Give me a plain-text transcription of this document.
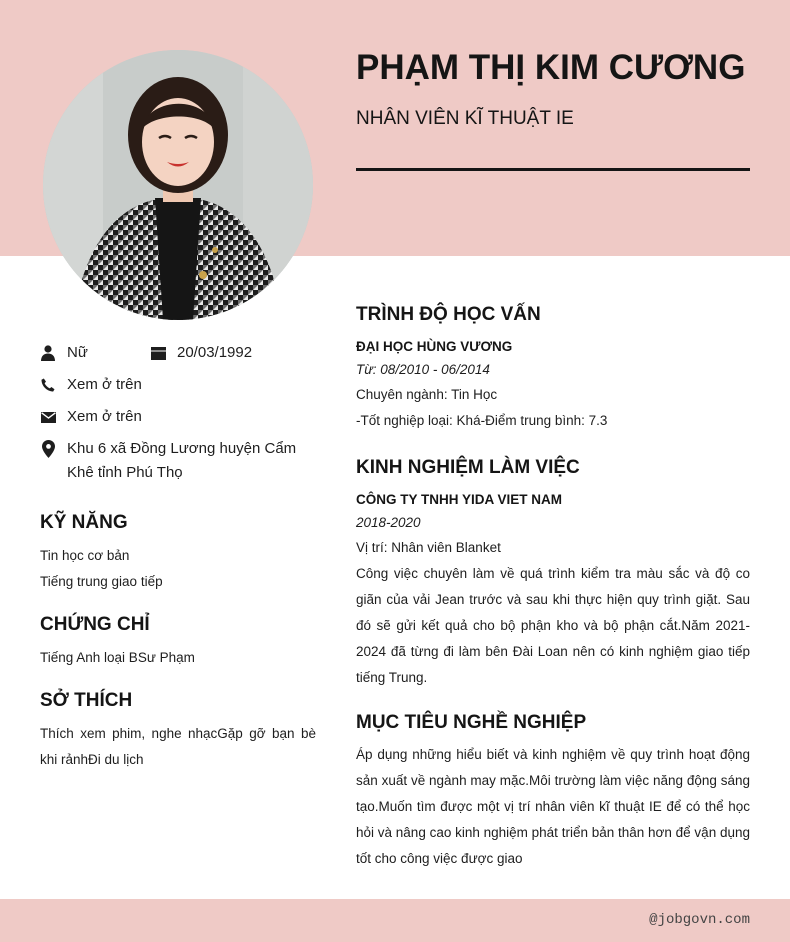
PHẠM THỊ KIM CƯƠNG
NHÂN VIÊN KĨ THUẬT IE
Nữ	20/03/1992
Xem ở trên
Xem ở trên
Khu 6 xã Đồng Lương huyện Cẩm Khê tỉnh Phú Thọ
KỸ NĂNG
Tin học cơ bản
Tiếng trung giao tiếp
CHỨNG CHỈ
Tiếng Anh loại BSư Phạm
SỞ THÍCH
Thích xem phim, nghe nhạcGặp gỡ bạn bè khi rảnhĐi du lịch
TRÌNH ĐỘ HỌC VẤN
ĐẠI HỌC HÙNG VƯƠNG
Từ: 08/2010 - 06/2014
Chuyên ngành: Tin Học
-Tốt nghiệp loại: Khá-Điểm trung bình: 7.3
KINH NGHIỆM LÀM VIỆC
CÔNG TY TNHH YIDA VIET NAM
2018-2020
Vị trí: Nhân viên Blanket
Công việc chuyên làm về quá trình kiểm tra màu sắc và độ co giãn của vải Jean trước và sau khi thực hiện quy trình giặt. Sau đó sẽ gửi kết quả cho bộ phận kho và bộ phận cắt.Năm 2021-2024 đã từng đi làm bên Đài Loan nên có kinh nghiệm giao tiếp tiếng Trung.
MỤC TIÊU NGHỀ NGHIỆP
Áp dụng những hiểu biết và kinh nghiệm về quy trình hoạt động sản xuất về ngành may mặc.Môi trường làm việc năng động sáng tạo.Muốn tìm được một vị trí nhân viên kĩ thuật IE để có thể học hỏi và nâng cao kinh nghiệm phát triển bản thân hơn để vận dụng tốt cho công việc được giao
@jobgovn.com
